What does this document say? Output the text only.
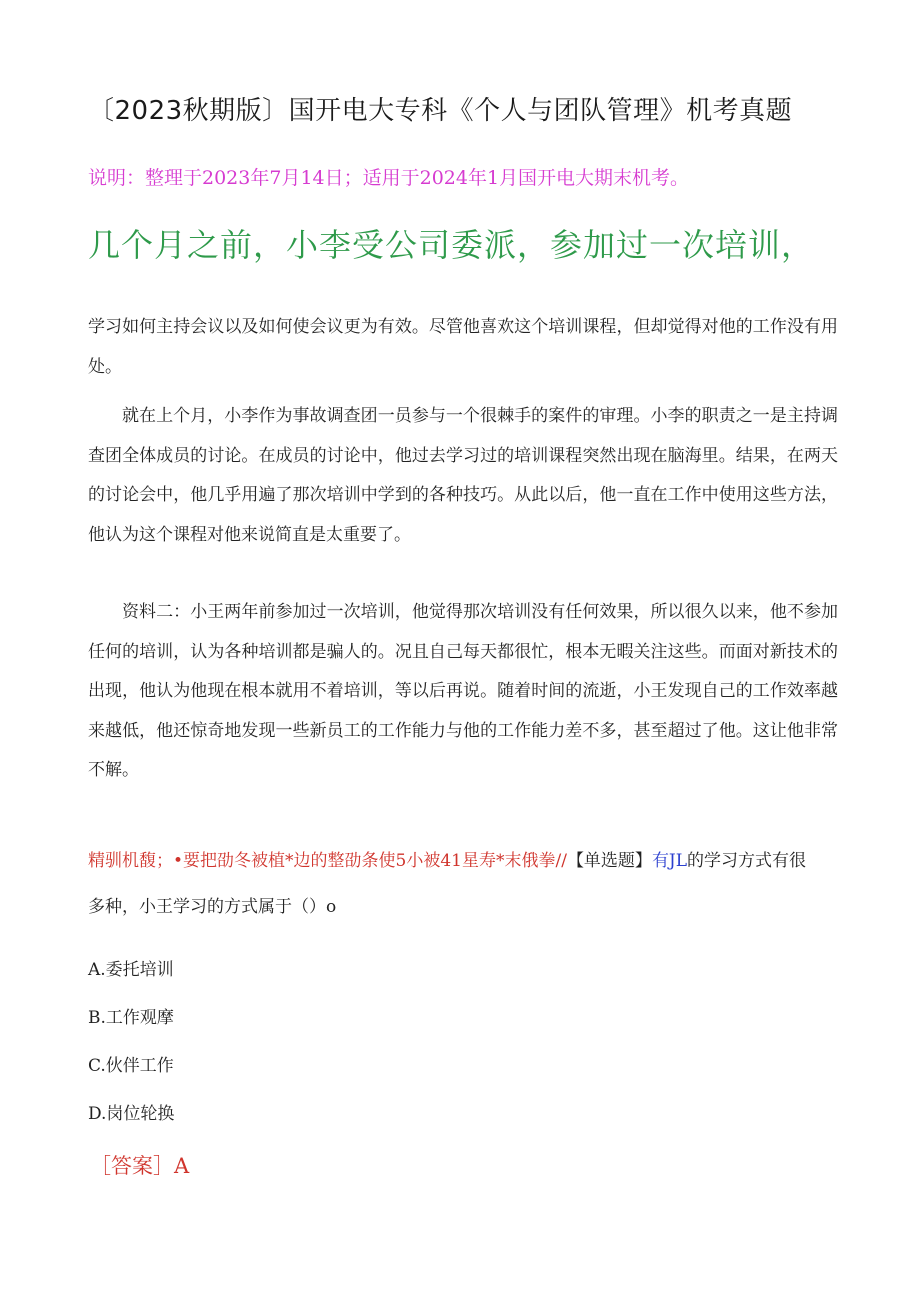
〔2023秋期版〕国开电大专科《个人与团队管理》机考真题
说明：整理于2023年7月14日；适用于2024年1月国开电大期末机考。
几个月之前，小李受公司委派，参加过一次培训，

学习如何主持会议以及如何使会议更为有效。尽管他喜欢这个培训课程，但却觉得对他的工作没有用处。

就在上个月，小李作为事故调查团一员参与一个很棘手的案件的审理。小李的职责之一是主持调查团全体成员的讨论。在成员的讨论中，他过去学习过的培训课程突然出现在脑海里。结果，在两天的讨论会中，他几乎用遍了那次培训中学到的各种技巧。从此以后，他一直在工作中使用这些方法，他认为这个课程对他来说简直是太重要了。

资料二：小王两年前参加过一次培训，他觉得那次培训没有任何效果，所以很久以来，他不参加任何的培训，认为各种培训都是骗人的。况且自己每天都很忙，根本无暇关注这些。而面对新技术的出现，他认为他现在根本就用不着培训，等以后再说。随着时间的流逝，小王发现自己的工作效率越来越低，他还惊奇地发现一些新员工的工作能力与他的工作能力差不多，甚至超过了他。这让他非常不解。

精驯机馥；•要把劭冬被植*边的整劭条使5小被41星寿*末俄拳//【单选题】有JL的学习方式有很
多种，小王学习的方式属于（）o

A.委托培训
B.工作观摩
C.伙伴工作
D.岗位轮换
［答案］A
